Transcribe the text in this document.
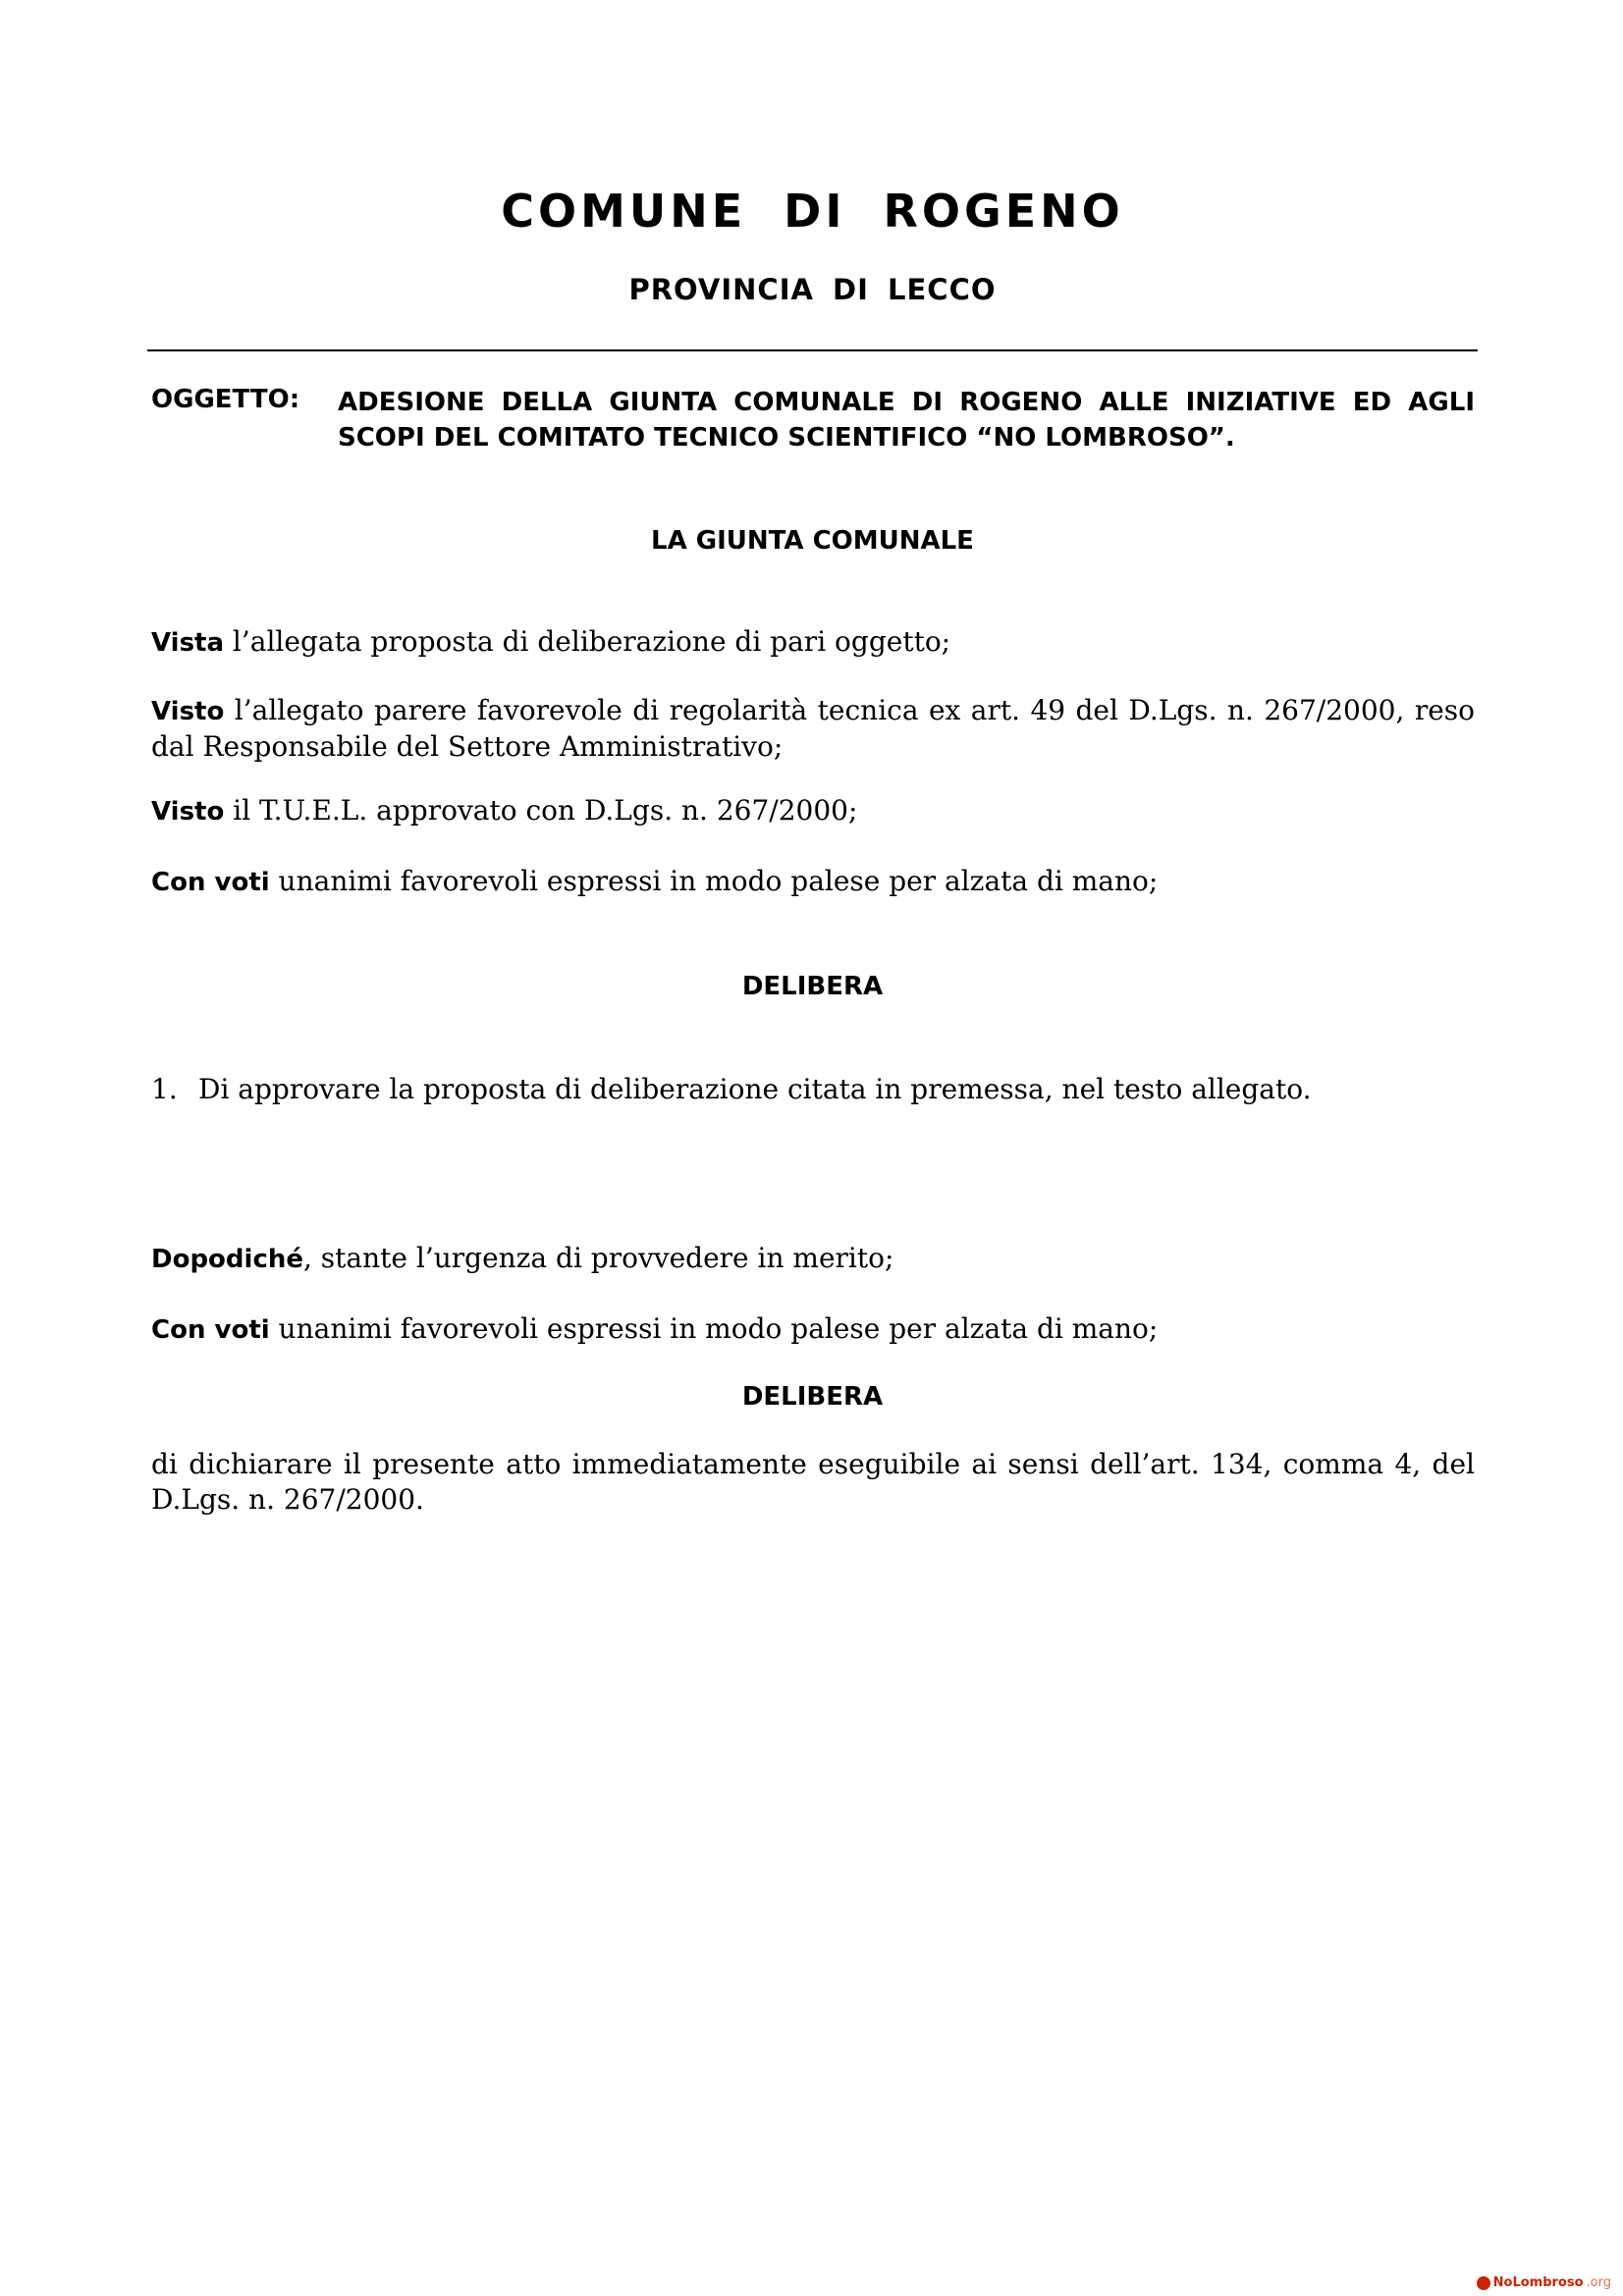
COMUNE DI ROGENO
PROVINCIA DI LECCO
OGGETTO: ADESIONE DELLA GIUNTA COMUNALE DI ROGENO ALLE INIZIATIVE ED AGLI SCOPI DEL COMITATO TECNICO SCIENTIFICO “NO LOMBROSO”.
LA GIUNTA COMUNALE
Vista l’allegata proposta di deliberazione di pari oggetto;
Visto l’allegato parere favorevole di regolarità tecnica ex art. 49 del D.Lgs. n. 267/2000, reso dal Responsabile del Settore Amministrativo;
Visto il T.U.E.L. approvato con D.Lgs. n. 267/2000;
Con voti unanimi favorevoli espressi in modo palese per alzata di mano;
DELIBERA
1. Di approvare la proposta di deliberazione citata in premessa, nel testo allegato.
Dopodiché, stante l’urgenza di provvedere in merito;
Con voti unanimi favorevoli espressi in modo palese per alzata di mano;
DELIBERA
di dichiarare il presente atto immediatamente eseguibile ai sensi dell’art. 134, comma 4, del D.Lgs. n. 267/2000.
NoLombroso .org
